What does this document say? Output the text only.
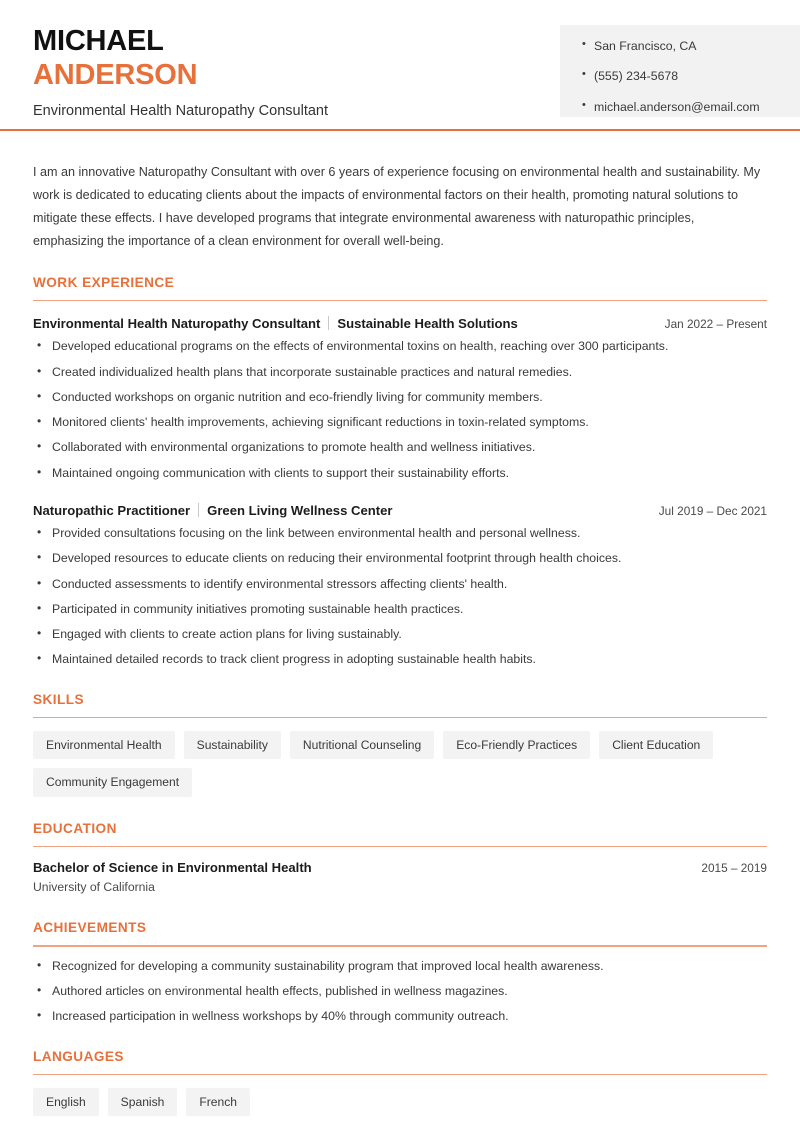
MICHAEL
ANDERSON
Environmental Health Naturopathy Consultant
• San Francisco, CA
• (555) 234-5678
• michael.anderson@email.com

I am an innovative Naturopathy Consultant with over 6 years of experience focusing on environmental health and sustainability. My work is dedicated to educating clients about the impacts of environmental factors on their health, promoting natural solutions to mitigate these effects. I have developed programs that integrate environmental awareness with naturopathic principles, emphasizing the importance of a clean environment for overall well-being.

WORK EXPERIENCE
Environmental Health Naturopathy Consultant Sustainable Health Solutions	Jan 2022 – Present
• Developed educational programs on the effects of environmental toxins on health, reaching over 300 participants.
• Created individualized health plans that incorporate sustainable practices and natural remedies.
• Conducted workshops on organic nutrition and eco-friendly living for community members.
• Monitored clients' health improvements, achieving significant reductions in toxin-related symptoms.
• Collaborated with environmental organizations to promote health and wellness initiatives.
• Maintained ongoing communication with clients to support their sustainability efforts.
Naturopathic Practitioner Green Living Wellness Center	Jul 2019 – Dec 2021
• Provided consultations focusing on the link between environmental health and personal wellness.
• Developed resources to educate clients on reducing their environmental footprint through health choices.
• Conducted assessments to identify environmental stressors affecting clients' health.
• Participated in community initiatives promoting sustainable health practices.
• Engaged with clients to create action plans for living sustainably.
• Maintained detailed records to track client progress in adopting sustainable health habits.
SKILLS
Environmental Health	Sustainability	Nutritional Counseling	Eco-Friendly Practices	Client Education
Community Engagement
EDUCATION
Bachelor of Science in Environmental Health	2015 – 2019
University of California
ACHIEVEMENTS
• Recognized for developing a community sustainability program that improved local health awareness.
• Authored articles on environmental health effects, published in wellness magazines.
• Increased participation in wellness workshops by 40% through community outreach.
LANGUAGES
English	Spanish	French
